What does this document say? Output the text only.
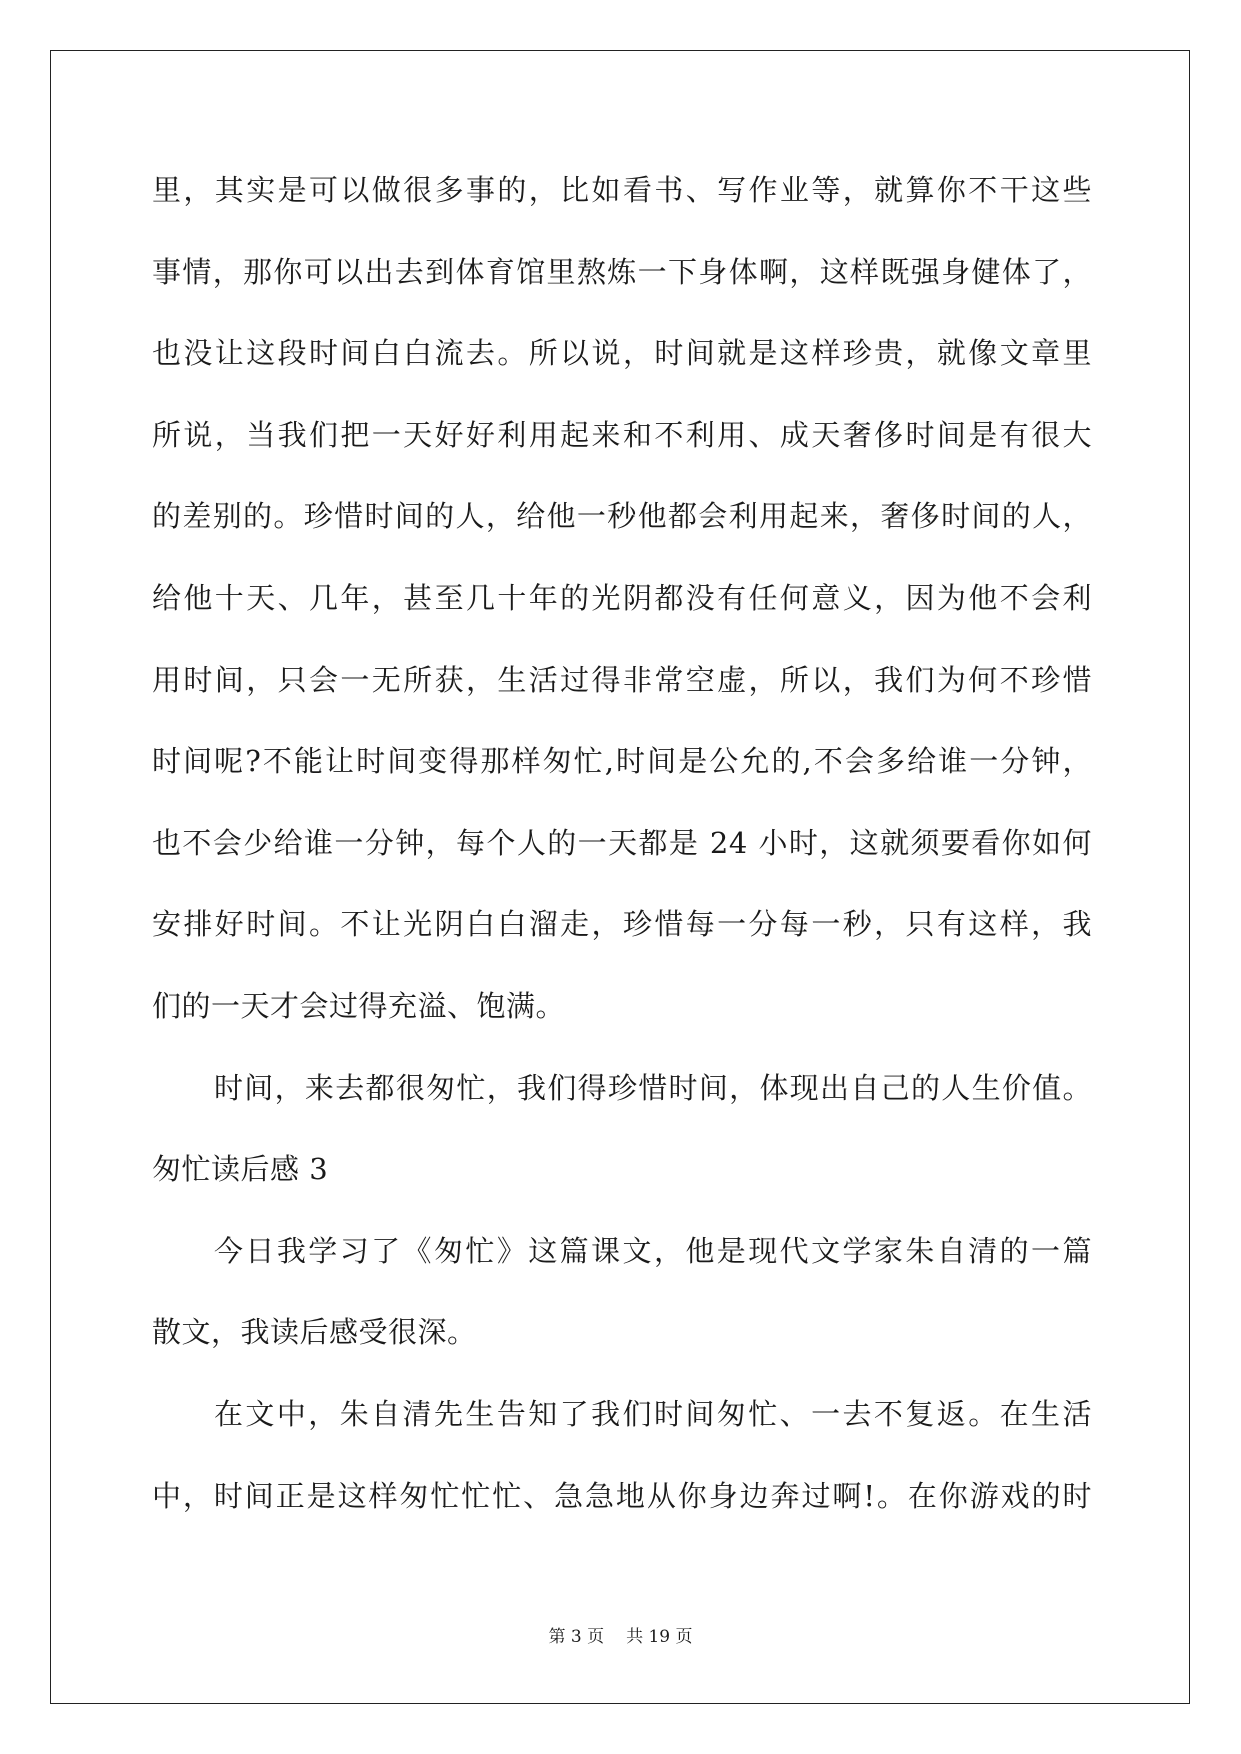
里，其实是可以做很多事的，比如看书、写作业等，就算你不干这些
事情，那你可以出去到体育馆里熬炼一下身体啊，这样既强身健体了，
也没让这段时间白白流去。所以说，时间就是这样珍贵，就像文章里
所说，当我们把一天好好利用起来和不利用、成天奢侈时间是有很大
的差别的。珍惜时间的人，给他一秒他都会利用起来，奢侈时间的人，
给他十天、几年，甚至几十年的光阴都没有任何意义，因为他不会利
用时间，只会一无所获，生活过得非常空虚，所以，我们为何不珍惜
时间呢?不能让时间变得那样匆忙,时间是公允的,不会多给谁一分钟，
也不会少给谁一分钟，每个人的一天都是 24 小时，这就须要看你如何
安排好时间。不让光阴白白溜走，珍惜每一分每一秒，只有这样，我
们的一天才会过得充溢、饱满。
时间，来去都很匆忙，我们得珍惜时间，体现出自己的人生价值。
匆忙读后感 3
今日我学习了《匆忙》这篇课文，他是现代文学家朱自清的一篇
散文，我读后感受很深。
在文中，朱自清先生告知了我们时间匆忙、一去不复返。在生活
中，时间正是这样匆忙忙忙、急急地从你身边奔过啊!。在你游戏的时
第 3 页 共 19 页
